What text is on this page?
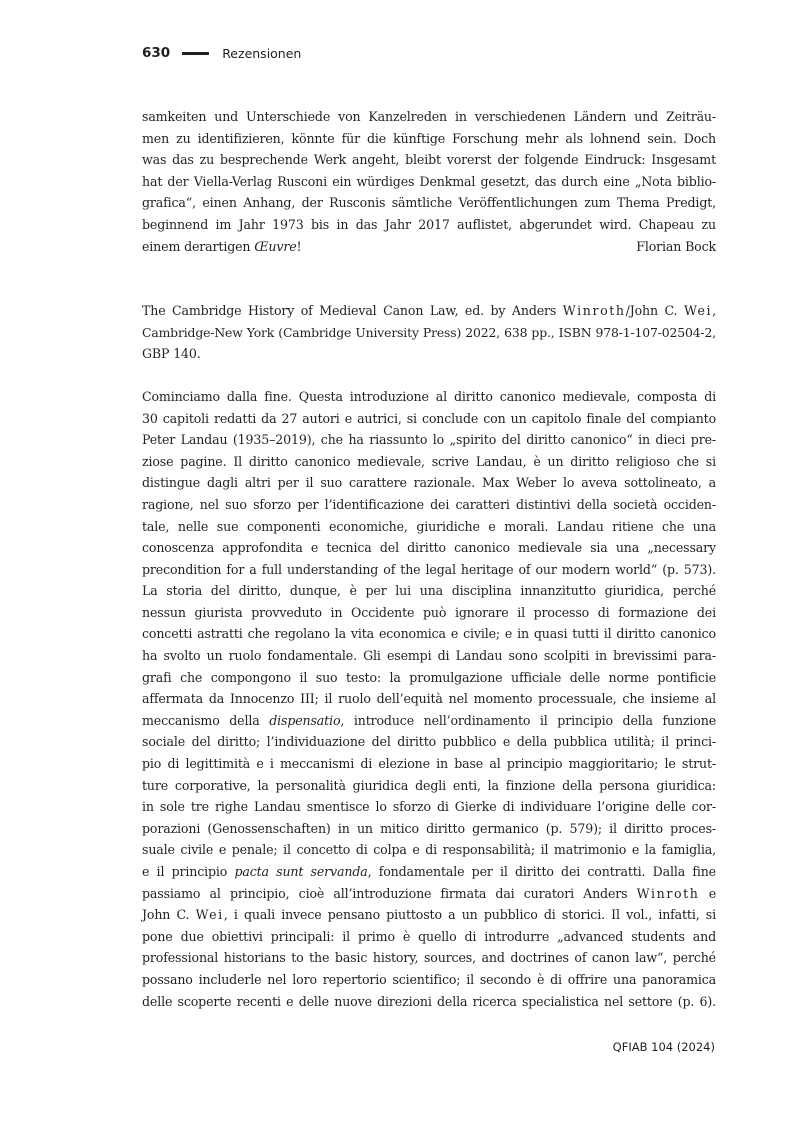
630	Rezensionen
samkeiten und Unterschiede von Kanzelreden in verschiedenen Ländern und Zeiträu-
men zu identifizieren, könnte für die künftige Forschung mehr als lohnend sein. Doch
was das zu besprechende Werk angeht, bleibt vorerst der folgende Eindruck: Insgesamt
hat der Viella-Verlag Rusconi ein würdiges Denkmal gesetzt, das durch eine „Nota biblio-
grafica“, einen Anhang, der Rusconis sämtliche Veröffentlichungen zum Thema Predigt,
beginnend im Jahr 1973 bis in das Jahr 2017 auflistet, abgerundet wird. Chapeau zu
einem derartigen Œuvre!	Florian Bock
The Cambridge History of Medieval Canon Law, ed. by Anders Winroth/John C. Wei,
Cambridge-New York (Cambridge University Press) 2022, 638 pp., ISBN 978-1-107-02504-2,
GBP 140.
Cominciamo dalla fine. Questa introduzione al diritto canonico medievale, composta di
30 capitoli redatti da 27 autori e autrici, si conclude con un capitolo finale del compianto
Peter Landau (1935–2019), che ha riassunto lo „spirito del diritto canonico“ in dieci pre-
ziose pagine. Il diritto canonico medievale, scrive Landau, è un diritto religioso che si
distingue dagli altri per il suo carattere razionale. Max Weber lo aveva sottolineato, a
ragione, nel suo sforzo per l’identificazione dei caratteri distintivi della società occiden-
tale, nelle sue componenti economiche, giuridiche e morali. Landau ritiene che una
conoscenza approfondita e tecnica del diritto canonico medievale sia una „necessary
precondition for a full understanding of the legal heritage of our modern world“ (p. 573).
La storia del diritto, dunque, è per lui una disciplina innanzitutto giuridica, perché
nessun giurista provveduto in Occidente può ignorare il processo di formazione dei
concetti astratti che regolano la vita economica e civile; e in quasi tutti il diritto canonico
ha svolto un ruolo fondamentale. Gli esempi di Landau sono scolpiti in brevissimi para-
grafi che compongono il suo testo: la promulgazione ufficiale delle norme pontificie
affermata da Innocenzo III; il ruolo dell’equità nel momento processuale, che insieme al
meccanismo della dispensatio, introduce nell’ordinamento il principio della funzione
sociale del diritto; l’individuazione del diritto pubblico e della pubblica utilità; il princi-
pio di legittimità e i meccanismi di elezione in base al principio maggioritario; le strut-
ture corporative, la personalità giuridica degli enti, la finzione della persona giuridica:
in sole tre righe Landau smentisce lo sforzo di Gierke di individuare l’origine delle cor-
porazioni (Genossenschaften) in un mitico diritto germanico (p. 579); il diritto proces-
suale civile e penale; il concetto di colpa e di responsabilità; il matrimonio e la famiglia,
e il principio pacta sunt servanda, fondamentale per il diritto dei contratti. Dalla fine
passiamo al principio, cioè all’introduzione firmata dai curatori Anders Winroth e
John C. Wei, i quali invece pensano piuttosto a un pubblico di storici. Il vol., infatti, si
pone due obiettivi principali: il primo è quello di introdurre „advanced students and
professional historians to the basic history, sources, and doctrines of canon law“, perché
possano includerle nel loro repertorio scientifico; il secondo è di offrire una panoramica
delle scoperte recenti e delle nuove direzioni della ricerca specialistica nel settore (p. 6).
QFIAB 104 (2024)
